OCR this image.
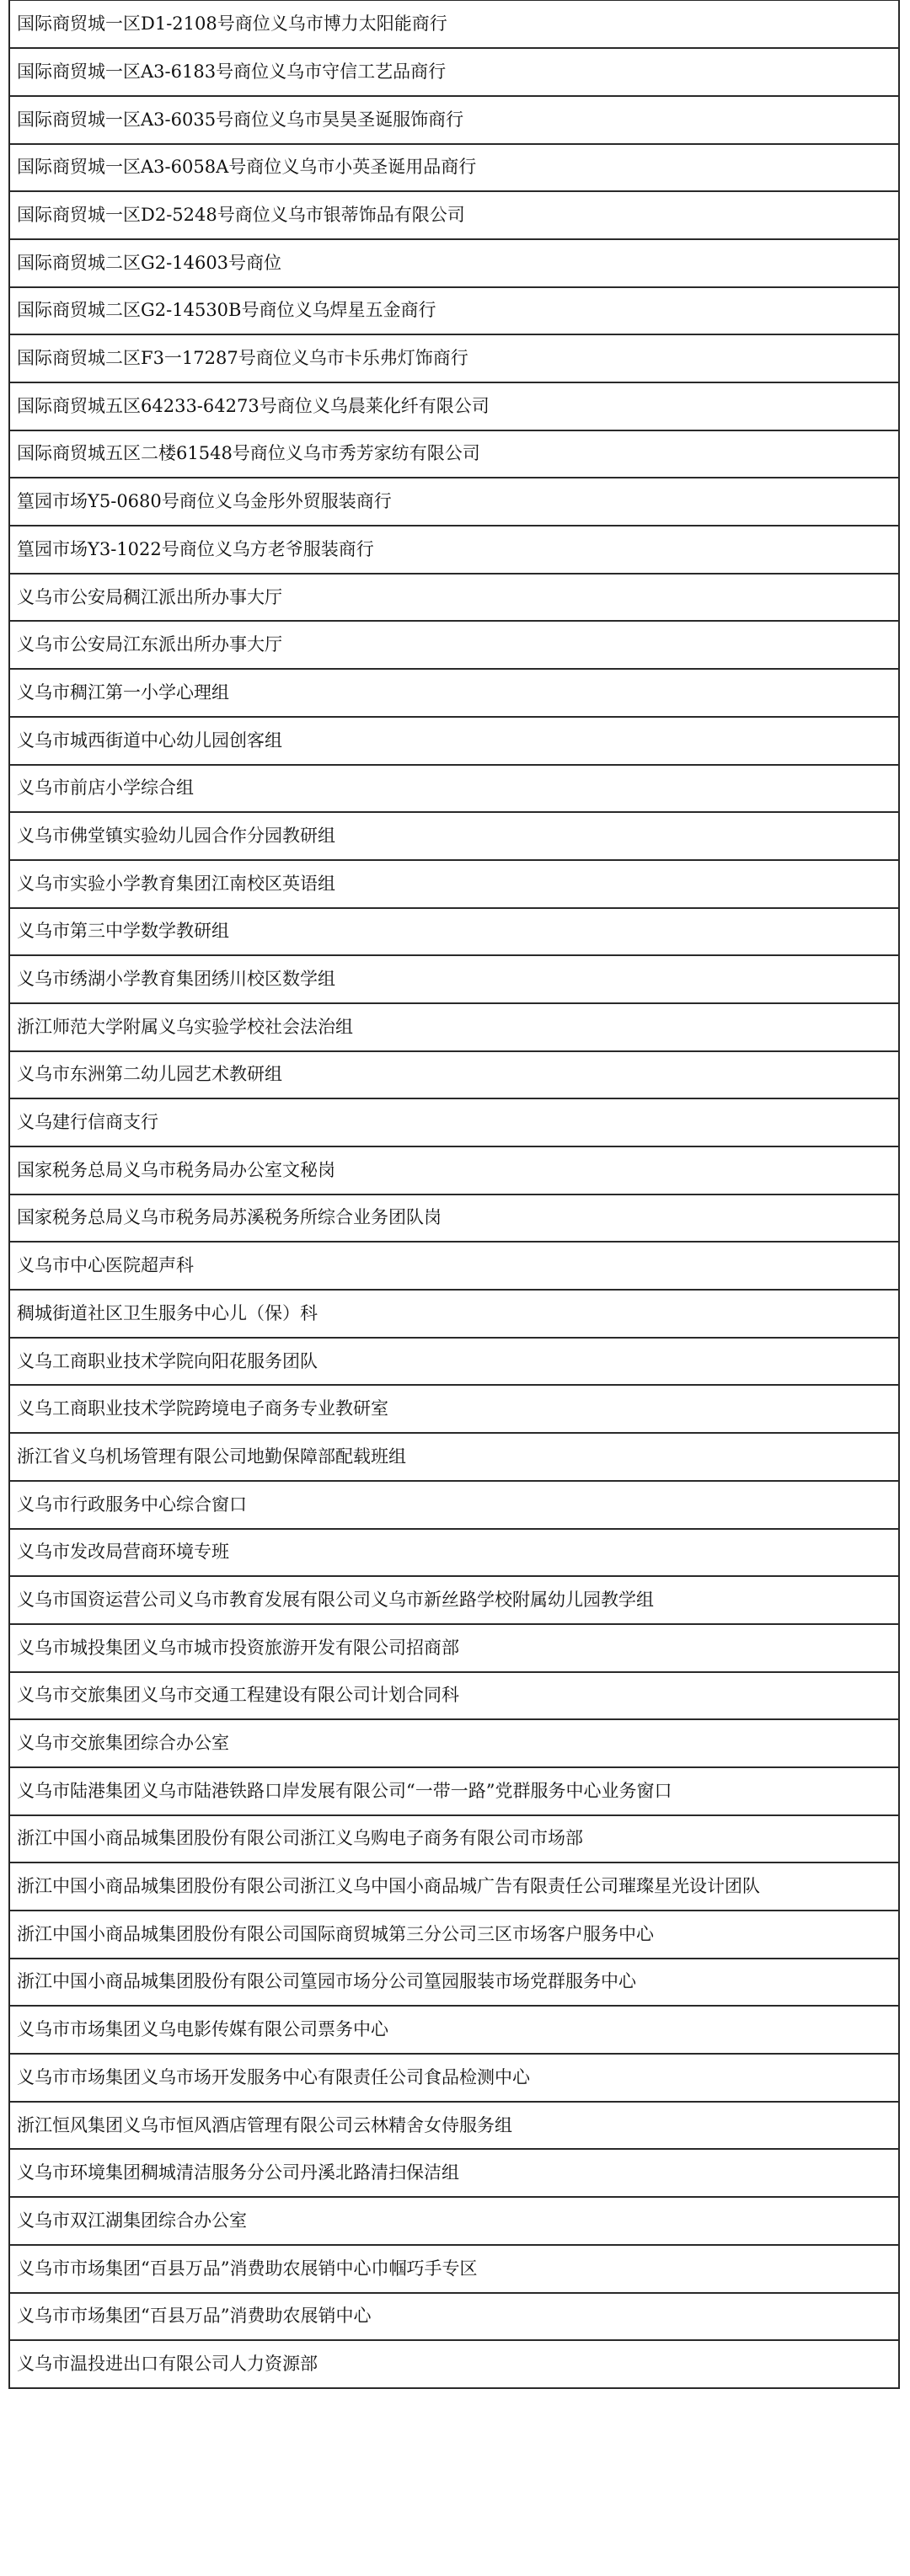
国际商贸城一区D1-2108号商位义乌市博力太阳能商行
国际商贸城一区A3-6183号商位义乌市守信工艺品商行
国际商贸城一区A3-6035号商位义乌市昊昊圣诞服饰商行
国际商贸城一区A3-6058A号商位义乌市小英圣诞用品商行
国际商贸城一区D2-5248号商位义乌市银蒂饰品有限公司
国际商贸城二区G2-14603号商位
国际商贸城二区G2-14530B号商位义乌焊星五金商行
国际商贸城二区F3一17287号商位义乌市卡乐弗灯饰商行
国际商贸城五区64233-64273号商位义乌晨莱化纤有限公司
国际商贸城五区二楼61548号商位义乌市秀芳家纺有限公司
篁园市场Y5-0680号商位义乌金彤外贸服装商行
篁园市场Y3-1022号商位义乌方老爷服装商行
义乌市公安局稠江派出所办事大厅
义乌市公安局江东派出所办事大厅
义乌市稠江第一小学心理组
义乌市城西街道中心幼儿园创客组
义乌市前店小学综合组
义乌市佛堂镇实验幼儿园合作分园教研组
义乌市实验小学教育集团江南校区英语组
义乌市第三中学数学教研组
义乌市绣湖小学教育集团绣川校区数学组
浙江师范大学附属义乌实验学校社会法治组
义乌市东洲第二幼儿园艺术教研组
义乌建行信商支行
国家税务总局义乌市税务局办公室文秘岗
国家税务总局义乌市税务局苏溪税务所综合业务团队岗
义乌市中心医院超声科
稠城街道社区卫生服务中心儿（保）科
义乌工商职业技术学院向阳花服务团队
义乌工商职业技术学院跨境电子商务专业教研室
浙江省义乌机场管理有限公司地勤保障部配载班组
义乌市行政服务中心综合窗口
义乌市发改局营商环境专班
义乌市国资运营公司义乌市教育发展有限公司义乌市新丝路学校附属幼儿园教学组
义乌市城投集团义乌市城市投资旅游开发有限公司招商部
义乌市交旅集团义乌市交通工程建设有限公司计划合同科
义乌市交旅集团综合办公室
义乌市陆港集团义乌市陆港铁路口岸发展有限公司“一带一路”党群服务中心业务窗口
浙江中国小商品城集团股份有限公司浙江义乌购电子商务有限公司市场部
浙江中国小商品城集团股份有限公司浙江义乌中国小商品城广告有限责任公司璀璨星光设计团队
浙江中国小商品城集团股份有限公司国际商贸城第三分公司三区市场客户服务中心
浙江中国小商品城集团股份有限公司篁园市场分公司篁园服装市场党群服务中心
义乌市市场集团义乌电影传媒有限公司票务中心
义乌市市场集团义乌市场开发服务中心有限责任公司食品检测中心
浙江恒风集团义乌市恒风酒店管理有限公司云林精舍女侍服务组
义乌市环境集团稠城清洁服务分公司丹溪北路清扫保洁组
义乌市双江湖集团综合办公室
义乌市市场集团“百县万品”消费助农展销中心巾帼巧手专区
义乌市市场集团“百县万品”消费助农展销中心
义乌市温投进出口有限公司人力资源部
